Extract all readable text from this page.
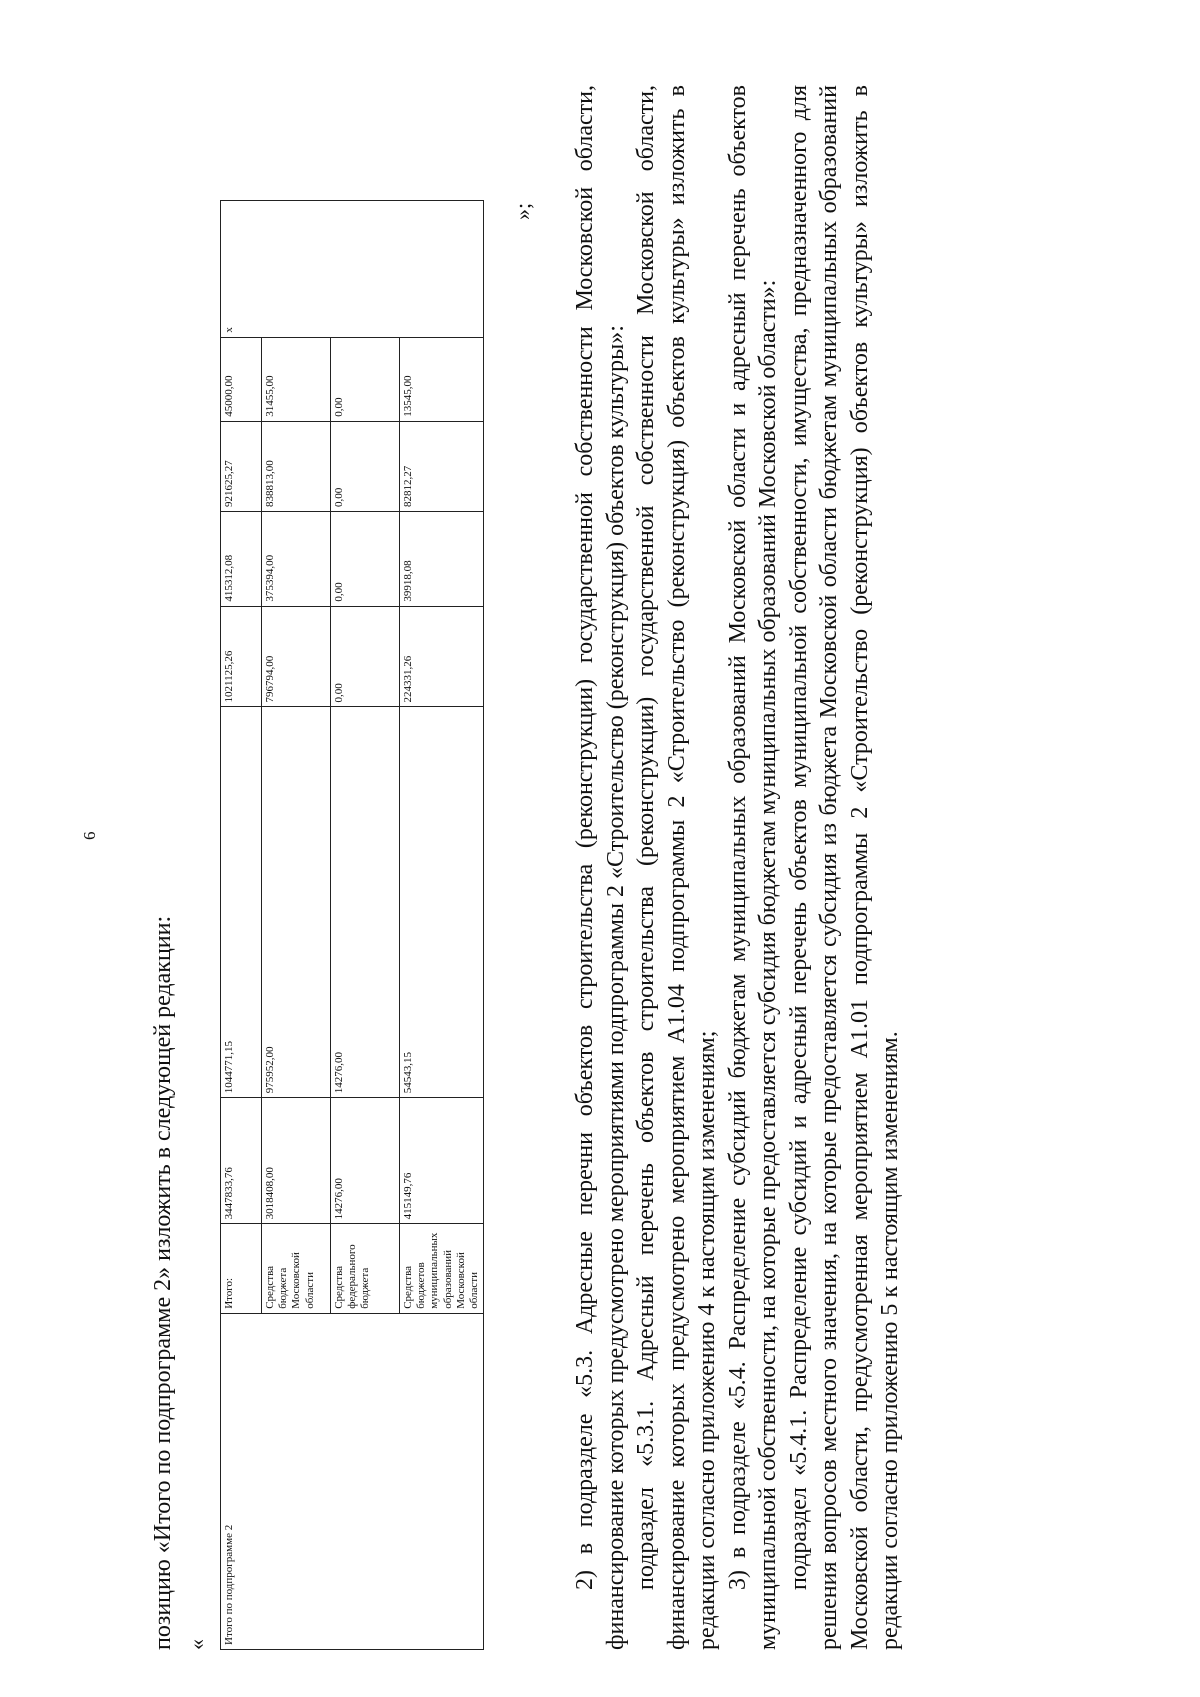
6
позицию «Итого по подпрограмме 2» изложить в следующей редакции: « Итого по подпрограмме 2	Итого:	3447833,76	1044771,15	1021125,26	415312,08	921625,27	45000,00	x
	Средства бюджета Московской области	3018408,00	975952,00	796794,00	375394,00	838813,00	31455,00	
	Средства федерального бюджета	14276,00	14276,00	0,00	0,00	0,00	0,00	
	Средства бюджетов муниципальных образований Московской области	415149,76	54543,15	224331,26	39918,08	82812,27	13545,00	
»; 2) в подразделе «5.3. Адресные перечни объектов строительства (реконструкции) государственной собственности Московской области, финансирование которых предусмотрено мероприятиями подпрограммы 2 «Строительство (реконструкция) объектов культуры»: подраздел «5.3.1. Адресный перечень объектов строительства (реконструкции) государственной собственности Московской области, финансирование которых предусмотрено мероприятием А1.04 подпрограммы 2 «Строительство (реконструкция) объектов культуры» изложить в редакции согласно приложению 4 к настоящим изменениям; 3) в подразделе «5.4. Распределение субсидий бюджетам муниципальных образований Московской области и адресный перечень объектов муниципальной собственности, на которые предоставляется субсидия бюджетам муниципальных образований Московской области»: подраздел «5.4.1. Распределение субсидий и адресный перечень объектов муниципальной собственности, имущества, предназначенного для решения вопросов местного значения, на которые предоставляется субсидия из бюджета Московской области бюджетам муниципальных образований Московской области, предусмотренная мероприятием А1.01 подпрограммы 2 «Строительство (реконструкция) объектов культуры» изложить в редакции согласно приложению 5 к настоящим изменениям.
